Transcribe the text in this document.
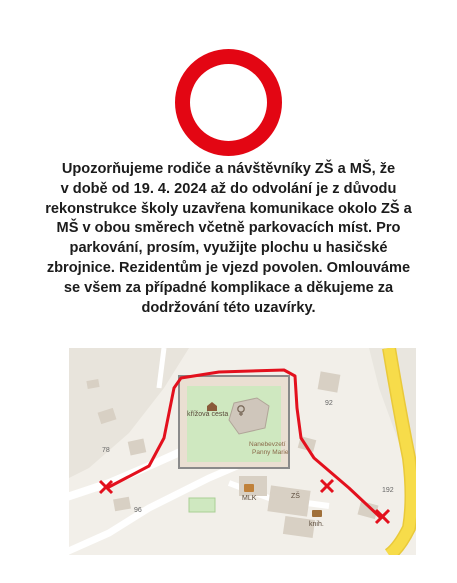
Upozorňujeme rodiče a návštěvníky ZŠ a MŠ, že
v době od 19. 4. 2024 až do odvolání je z důvodu
rekonstrukce školy uzavřena komunikace okolo ZŠ a
MŠ v obou směrech včetně parkovacích míst. Pro
parkování, prosím, využijte plochu u hasičské
zbrojnice. Rezidentům je vjezd povolen. Omlouváme
se všem za případné komplikace a děkujeme za
dodržování této uzavírky.

křížová cesta
Nanebevzetí
Panny Marie
ZŠ
MLK
knih.
92
78
96
192
